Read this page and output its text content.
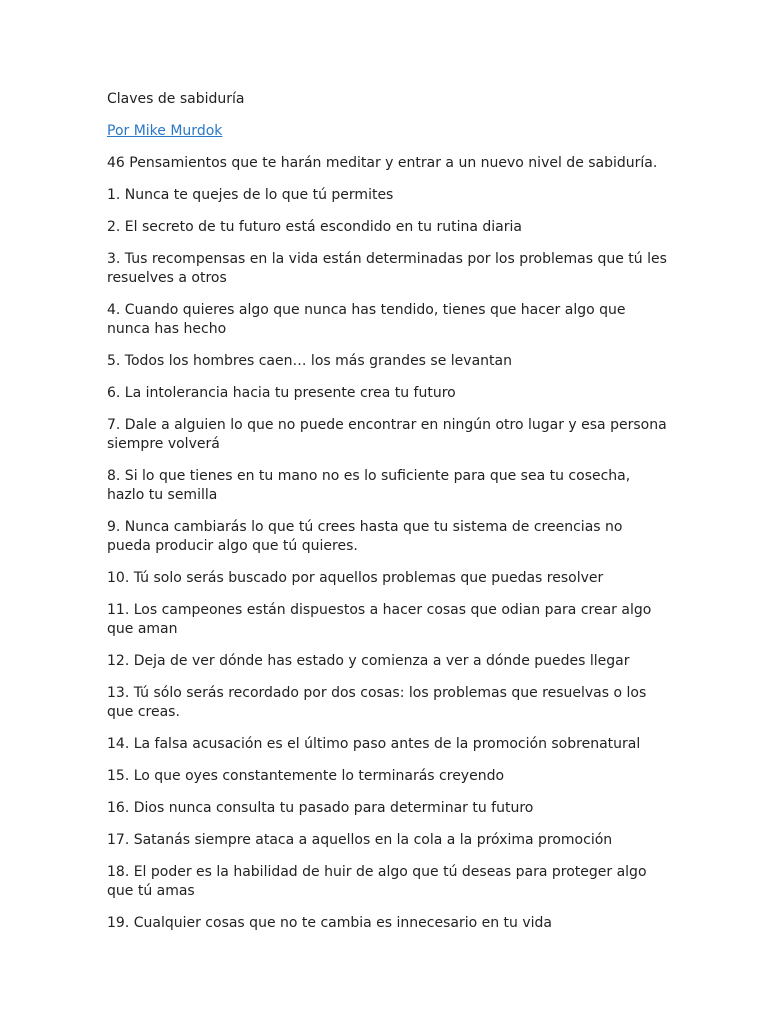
Claves de sabiduría

Por Mike Murdok

46 Pensamientos que te harán meditar y entrar a un nuevo nivel de sabiduría.

1. Nunca te quejes de lo que tú permites
2. El secreto de tu futuro está escondido en tu rutina diaria
3. Tus recompensas en la vida están determinadas por los problemas que tú les resuelves a otros
4. Cuando quieres algo que nunca has tendido, tienes que hacer algo que nunca has hecho
5. Todos los hombres caen… los más grandes se levantan
6. La intolerancia hacia tu presente crea tu futuro
7. Dale a alguien lo que no puede encontrar en ningún otro lugar y esa persona siempre volverá
8. Si lo que tienes en tu mano no es lo suficiente para que sea tu cosecha, hazlo tu semilla
9. Nunca cambiarás lo que tú crees hasta que tu sistema de creencias no pueda producir algo que tú quieres.
10. Tú solo serás buscado por aquellos problemas que puedas resolver
11. Los campeones están dispuestos a hacer cosas que odian para crear algo que aman
12. Deja de ver dónde has estado y comienza a ver a dónde puedes llegar
13. Tú sólo serás recordado por dos cosas: los problemas que resuelvas o los que creas.
14. La falsa acusación es el último paso antes de la promoción sobrenatural
15. Lo que oyes constantemente lo terminarás creyendo
16. Dios nunca consulta tu pasado para determinar tu futuro
17. Satanás siempre ataca a aquellos en la cola a la próxima promoción
18. El poder es la habilidad de huir de algo que tú deseas para proteger algo que tú amas
19. Cualquier cosas que no te cambia es innecesario en tu vida
